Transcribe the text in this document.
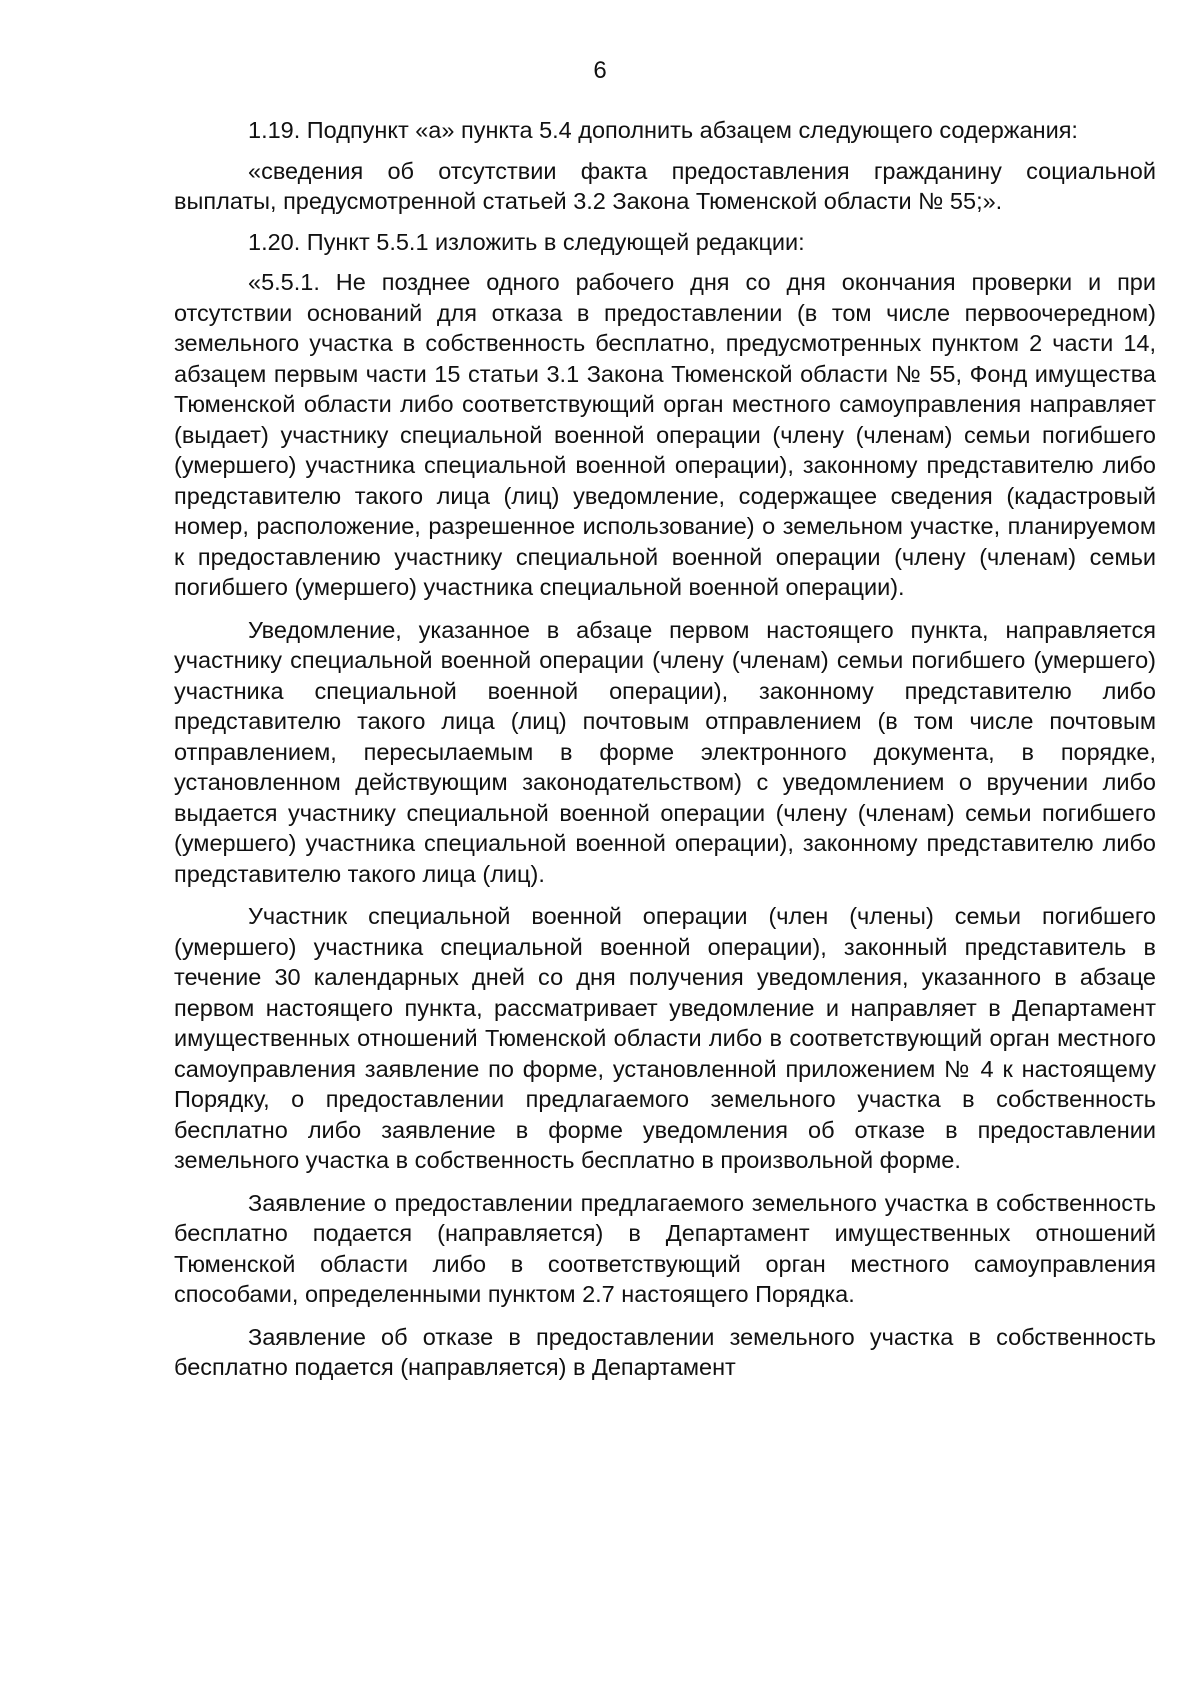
6

1.19. Подпункт «а» пункта 5.4 дополнить абзацем следующего содержания:

«сведения об отсутствии факта предоставления гражданину социальной выплаты, предусмотренной статьей 3.2 Закона Тюменской области № 55;».

1.20. Пункт 5.5.1 изложить в следующей редакции:

«5.5.1. Не позднее одного рабочего дня со дня окончания проверки и при отсутствии оснований для отказа в предоставлении (в том числе первоочередном) земельного участка в собственность бесплатно, предусмотренных пунктом 2 части 14, абзацем первым части 15 статьи 3.1 Закона Тюменской области № 55, Фонд имущества Тюменской области либо соответствующий орган местного самоуправления направляет (выдает) участнику специальной военной операции (члену (членам) семьи погибшего (умершего) участника специальной военной операции), законному представителю либо представителю такого лица (лиц) уведомление, содержащее сведения (кадастровый номер, расположение, разрешенное использование) о земельном участке, планируемом к предоставлению участнику специальной военной операции (члену (членам) семьи погибшего (умершего) участника специальной военной операции).

Уведомление, указанное в абзаце первом настоящего пункта, направляется участнику специальной военной операции (члену (членам) семьи погибшего (умершего) участника специальной военной операции), законному представителю либо представителю такого лица (лиц) почтовым отправлением (в том числе почтовым отправлением, пересылаемым в форме электронного документа, в порядке, установленном действующим законодательством) с уведомлением о вручении либо выдается участнику специальной военной операции (члену (членам) семьи погибшего (умершего) участника специальной военной операции), законному представителю либо представителю такого лица (лиц).

Участник специальной военной операции (член (члены) семьи погибшего (умершего) участника специальной военной операции), законный представитель в течение 30 календарных дней со дня получения уведомления, указанного в абзаце первом настоящего пункта, рассматривает уведомление и направляет в Департамент имущественных отношений Тюменской области либо в соответствующий орган местного самоуправления заявление по форме, установленной приложением № 4 к настоящему Порядку, о предоставлении предлагаемого земельного участка в собственность бесплатно либо заявление в форме уведомления об отказе в предоставлении земельного участка в собственность бесплатно в произвольной форме.

Заявление о предоставлении предлагаемого земельного участка в собственность бесплатно подается (направляется) в Департамент имущественных отношений Тюменской области либо в соответствующий орган местного самоуправления способами, определенными пунктом 2.7 настоящего Порядка.

Заявление об отказе в предоставлении земельного участка в собственность бесплатно подается (направляется) в Департамент
